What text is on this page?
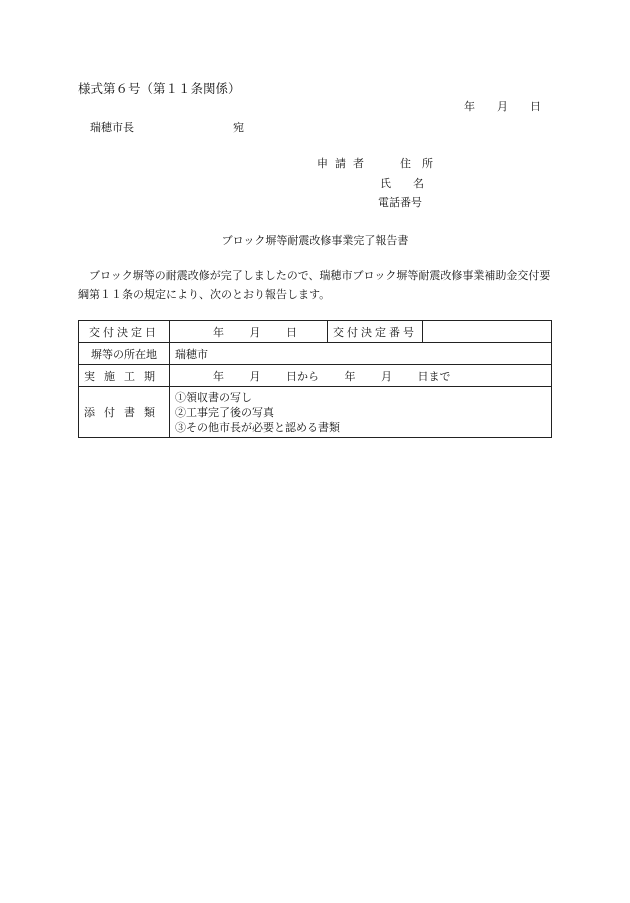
様式第６号（第１１条関係）
年 月 日
瑞穂市長	宛
申請者	住　所
氏　　名
電話番号
ブロック塀等耐震改修事業完了報告書

ブロック塀等の耐震改修が完了しましたので、瑞穂市ブロック塀等耐震改修事業補助金交付要綱第１１条の規定により、次のとおり報告します。

交付決定日	年 月 日	交付決定番号	
塀等の所在地	瑞穂市		
実施工期	年 月 日から 年 月 日まで		
添付書類	①領収書の写し
②工事完了後の写真
③その他市長が必要と認める書類		
